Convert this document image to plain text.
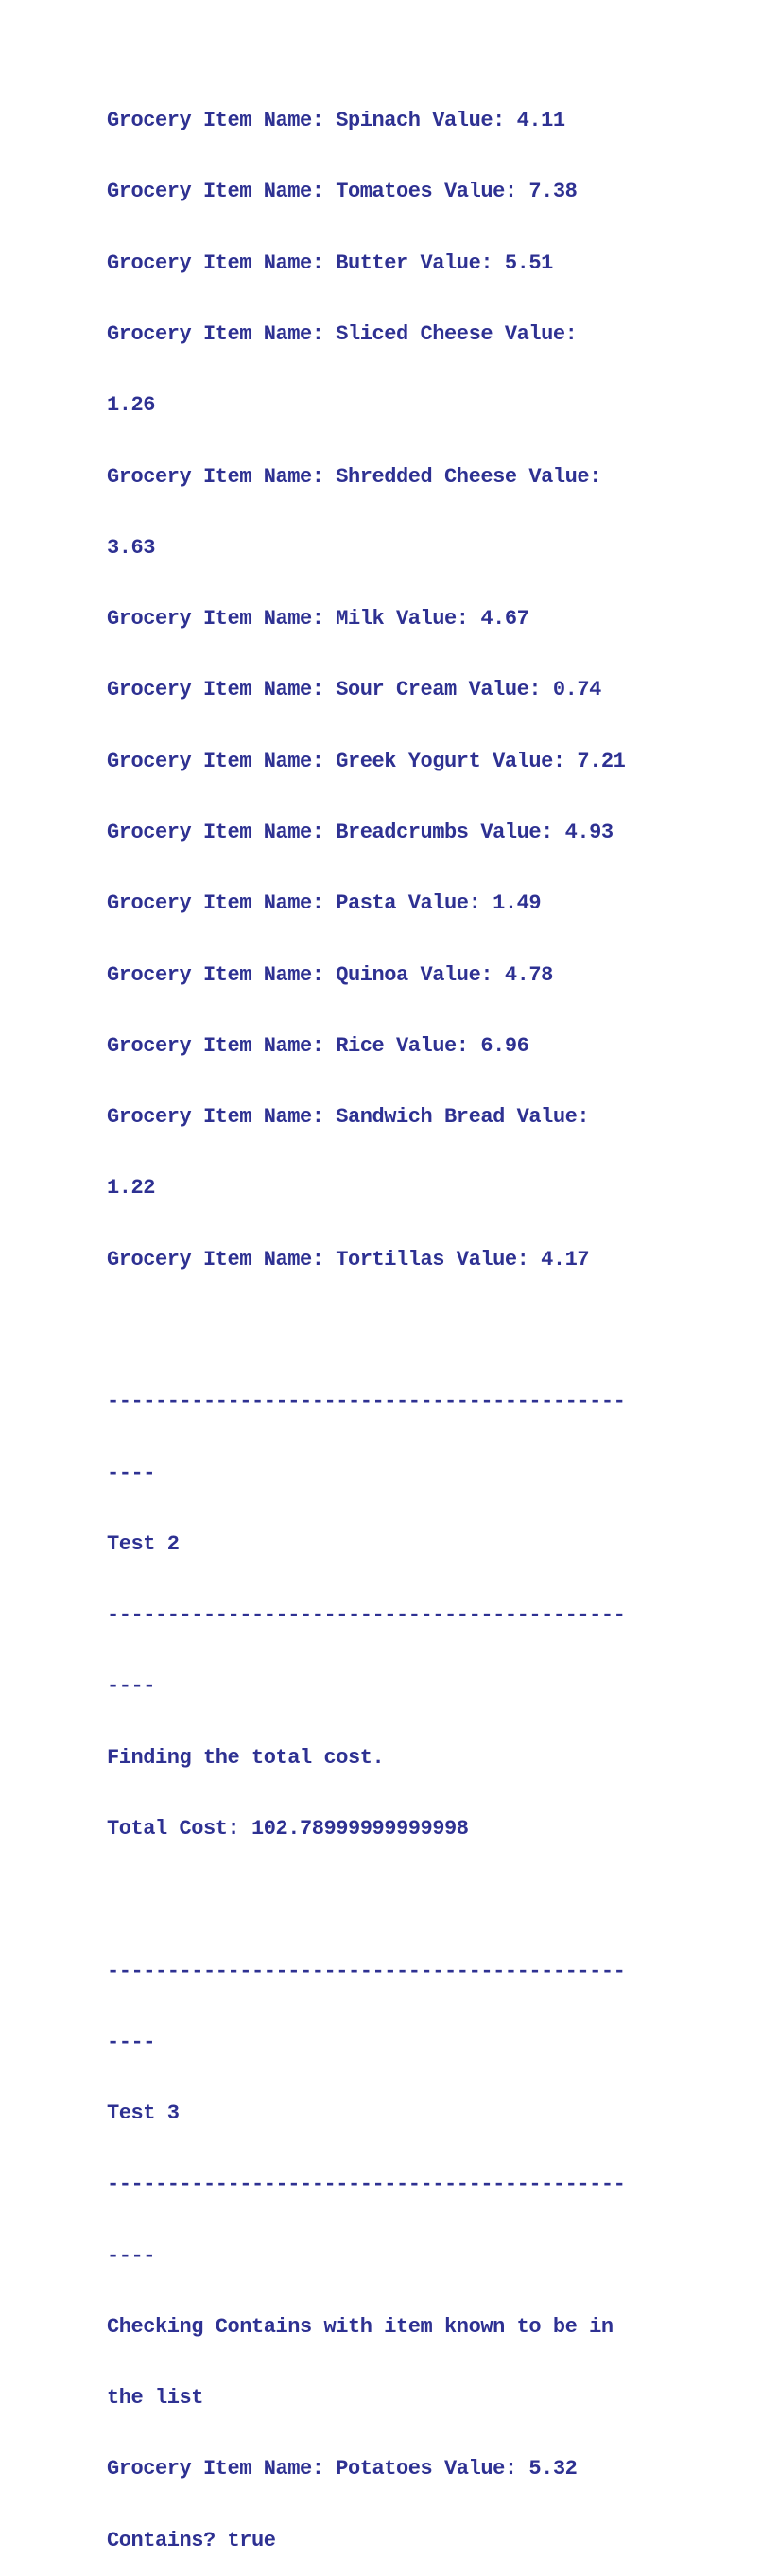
Grocery Item Name: Spinach Value: 4.11

Grocery Item Name: Tomatoes Value: 7.38

Grocery Item Name: Butter Value: 5.51

Grocery Item Name: Sliced Cheese Value:

1.26

Grocery Item Name: Shredded Cheese Value:

3.63

Grocery Item Name: Milk Value: 4.67

Grocery Item Name: Sour Cream Value: 0.74

Grocery Item Name: Greek Yogurt Value: 7.21

Grocery Item Name: Breadcrumbs Value: 4.93

Grocery Item Name: Pasta Value: 1.49

Grocery Item Name: Quinoa Value: 4.78

Grocery Item Name: Rice Value: 6.96

Grocery Item Name: Sandwich Bread Value:

1.22

Grocery Item Name: Tortillas Value: 4.17

-------------------------------------------

----

Test 2

-------------------------------------------

----

Finding the total cost.

Total Cost: 102.78999999999998

-------------------------------------------

----

Test 3

-------------------------------------------

----

Checking Contains with item known to be in

the list

Grocery Item Name: Potatoes Value: 5.32

Contains? true
